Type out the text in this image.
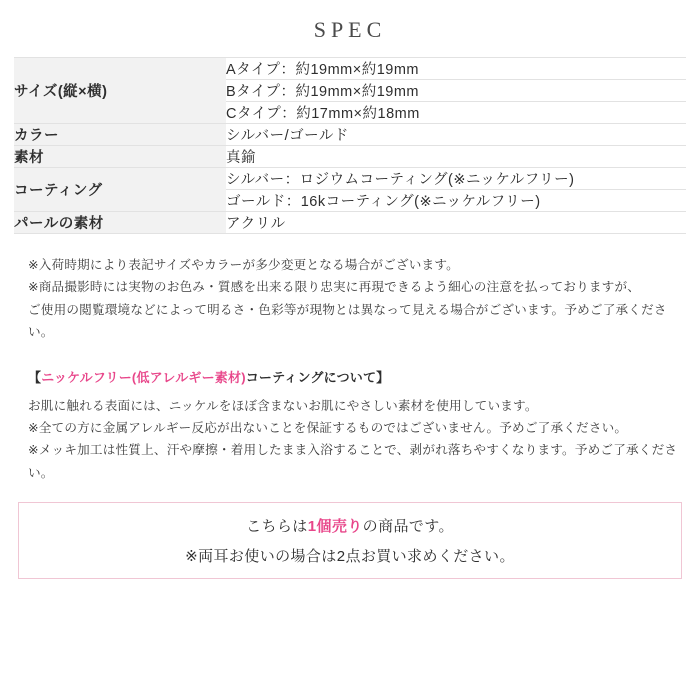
SPEC
サイズ(縦×横)	Aタイプ：約19mm×約19mm
	Bタイプ：約19mm×約19mm
	Cタイプ：約17mm×約18mm
カラー	シルバー/ゴールド
素材	真鍮
コーティング	シルバー：ロジウムコーティング(※ニッケルフリー)
	ゴールド：16kコーティング(※ニッケルフリー)
パールの素材	アクリル
※入荷時期により表記サイズやカラーが多少変更となる場合がございます。
※商品撮影時には実物のお色み・質感を出来る限り忠実に再現できるよう細心の注意を払っておりますが、
ご使用の閲覧環境などによって明るさ・色彩等が現物とは異なって見える場合がございます。予めご了承ください。
【ニッケルフリー(低アレルギー素材)コーティングについて】
お肌に触れる表面には、ニッケルをほぼ含まないお肌にやさしい素材を使用しています。
※全ての方に金属アレルギー反応が出ないことを保証するものではございません。予めご了承ください。
※メッキ加工は性質上、汗や摩擦・着用したまま入浴することで、剥がれ落ちやすくなります。予めご了承ください。
こちらは1個売りの商品です。
※両耳お使いの場合は2点お買い求めください。
